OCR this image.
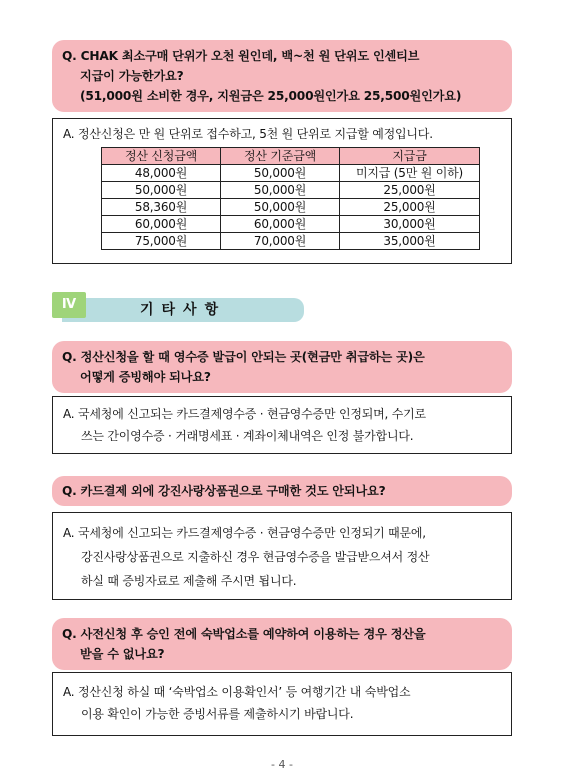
Q. CHAK 최소구매 단위가 오천 원인데, 백~천 원 단위도 인센티브
지급이 가능한가요?
(51,000원 소비한 경우, 지원금은 25,000원인가요 25,500원인가요)
A. 정산신청은 만 원 단위로 접수하고, 5천 원 단위로 지급할 예정입니다.
정산 신청금액	정산 기준금액	지급금
48,000원	50,000원	미지급 (5만 원 이하)
50,000원	50,000원	25,000원
58,360원	50,000원	25,000원
60,000원	60,000원	30,000원
75,000원	70,000원	35,000원
Ⅳ	기타사항
Q. 정산신청을 할 때 영수증 발급이 안되는 곳(현금만 취급하는 곳)은
어떻게 증빙해야 되나요?
A. 국세청에 신고되는 카드결제영수증 · 현금영수증만 인정되며, 수기로
쓰는 간이영수증 · 거래명세표 · 계좌이체내역은 인정 불가합니다.
Q. 카드결제 외에 강진사랑상품권으로 구매한 것도 안되나요?
A. 국세청에 신고되는 카드결제영수증 · 현금영수증만 인정되기 때문에,
강진사랑상품권으로 지출하신 경우 현금영수증을 발급받으셔서 정산
하실 때 증빙자료로 제출해 주시면 됩니다.
Q. 사전신청 후 승인 전에 숙박업소를 예약하여 이용하는 경우 정산을
받을 수 없나요?
A. 정산신청 하실 때 ‘숙박업소 이용확인서’ 등 여행기간 내 숙박업소
이용 확인이 가능한 증빙서류를 제출하시기 바랍니다.
- 4 -
